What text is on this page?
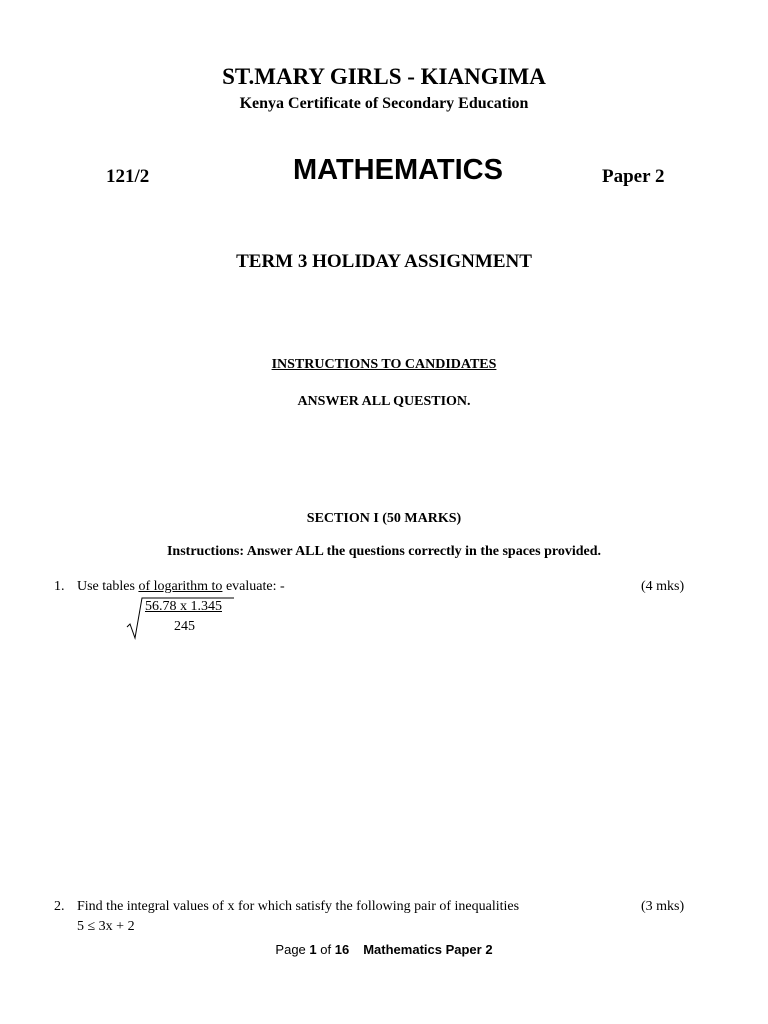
ST.MARY GIRLS - KIANGIMA
Kenya Certificate of Secondary Education
121/2	MATHEMATICS	Paper 2
TERM 3 HOLIDAY ASSIGNMENT
INSTRUCTIONS TO CANDIDATES
ANSWER ALL QUESTION.
SECTION I (50 MARKS)
Instructions: Answer ALL the questions correctly in the spaces provided.
1. Use tables of logarithm to evaluate: -	(4 mks)
$\frac{56.78 x 1.345}{245}$
2. Find the integral values of x for which satisfy the following pair of inequalities	(3 mks)
5 ≤ 3x + 2
Page 1 of 16 Mathematics Paper 2
